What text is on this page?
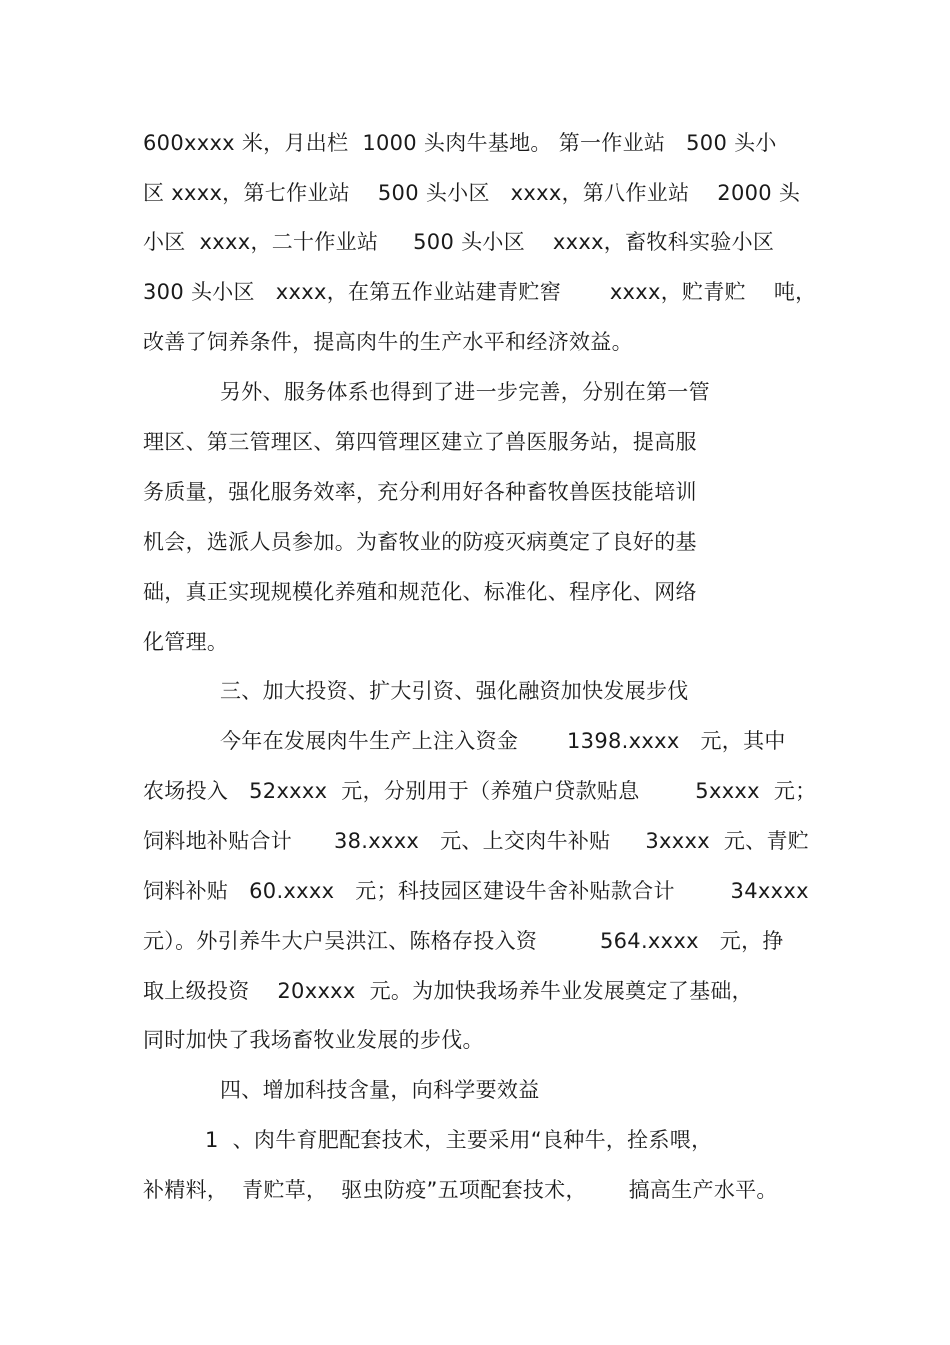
600xxxx 米，月出栏  1000 头肉牛基地。 第一作业站   500 头小
区 xxxx，第七作业站    500 头小区   xxxx，第八作业站    2000 头
小区  xxxx，二十作业站     500 头小区    xxxx，畜牧科实验小区
300 头小区   xxxx，在第五作业站建青贮窖       xxxx，贮青贮    吨，
改善了饲养条件，提高肉牛的生产水平和经济效益。
另外、服务体系也得到了进一步完善，分别在第一管
理区、第三管理区、第四管理区建立了兽医服务站，提高服
务质量，强化服务效率，充分利用好各种畜牧兽医技能培训
机会，选派人员参加。为畜牧业的防疫灭病奠定了良好的基
础，真正实现规模化养殖和规范化、标准化、程序化、网络
化管理。
三、加大投资、扩大引资、强化融资加快发展步伐
今年在发展肉牛生产上注入资金       1398.xxxx   元，其中
农场投入   52xxxx  元，分别用于（养殖户贷款贴息        5xxxx  元；
饲料地补贴合计      38.xxxx   元、上交肉牛补贴     3xxxx  元、青贮
饲料补贴   60.xxxx   元；科技园区建设牛舍补贴款合计        34xxxx
元）。外引养牛大户吴洪江、陈格存投入资         564.xxxx   元，挣
取上级投资    20xxxx  元。为加快我场养牛业发展奠定了基础，
同时加快了我场畜牧业发展的步伐。
四、增加科技含量，向科学要效益
1  、肉牛育肥配套技术，主要采用“良种牛，拴系喂，
补精料，  青贮草，  驱虫防疫”五项配套技术，      搞高生产水平。
